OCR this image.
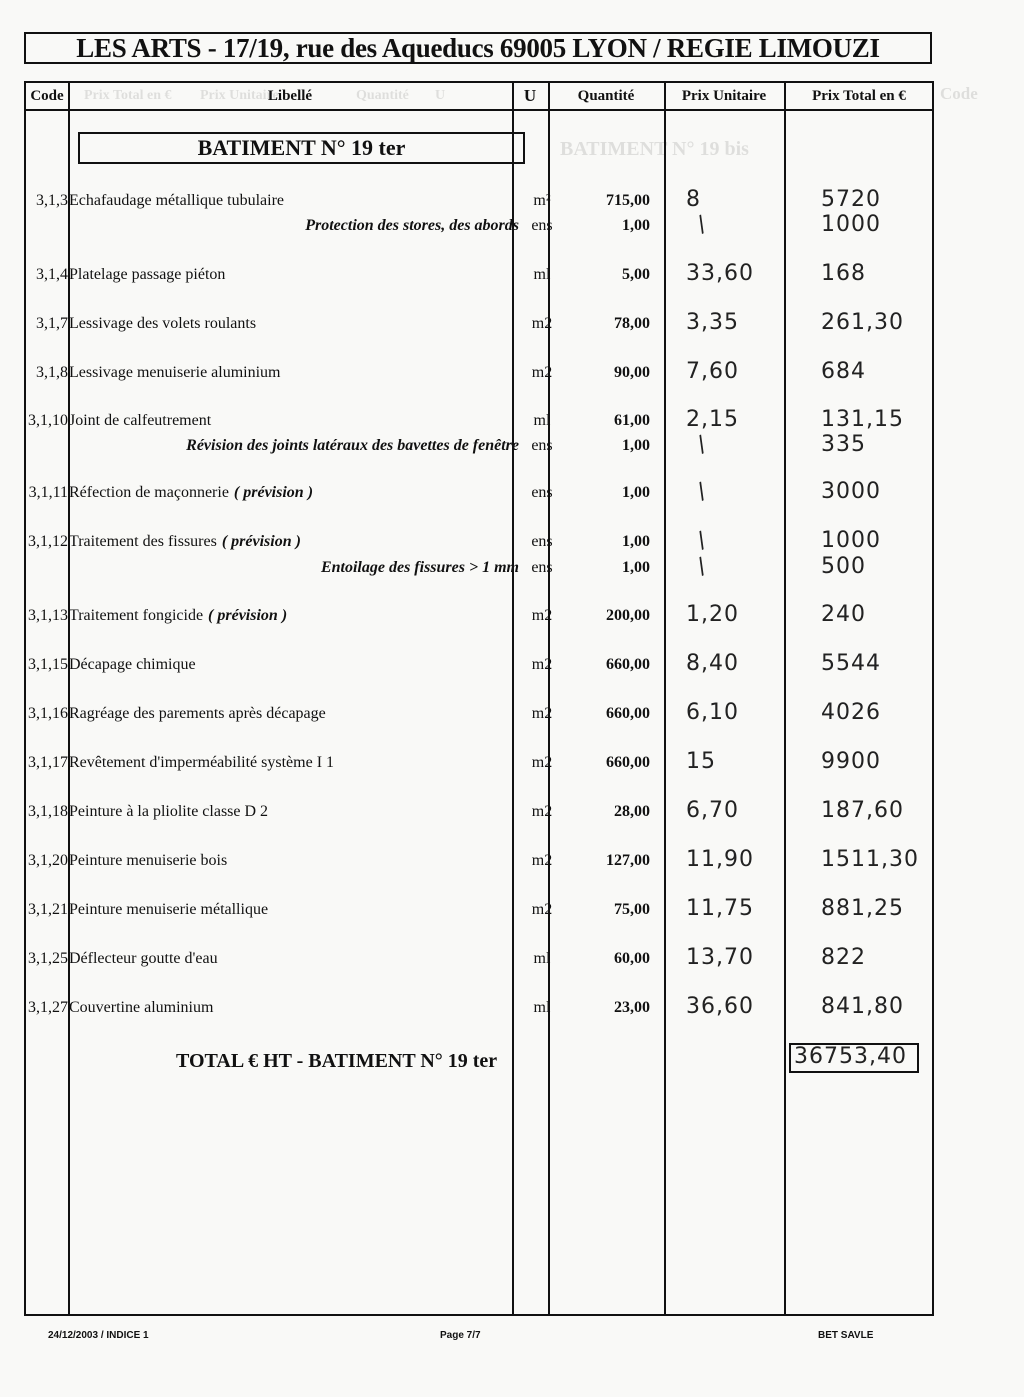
Code
Prix Total en € Prix Unitaire	Quantité U
BATIMENT N° 19 bis
LES ARTS - 17/19, rue des Aqueducs 69005 LYON / REGIE LIMOUZI
Code	Libellé	U	Quantité	Prix Unitaire	Prix Total en €
BATIMENT N° 19 ter
3,1,3 Echafaudage métallique tubulaire	m²	715,00 8	5720
Protection des stores, des abords ens	1,00 /	1000
3,1,4 Platelage passage piéton	ml	5,00 33,60	168
3,1,7 Lessivage des volets roulants	m2	78,00 3,35	261,30
3,1,8 Lessivage menuiserie aluminium	m2	90,00 7,60	684
3,1,10 Joint de calfeutrement	ml	61,00 2,15	131,15
Révision des joints latéraux des bavettes de fenêtre ens	1,00 /	335
3,1,11 Réfection de maçonnerie ( prévision )	ens	1,00 /	3000
3,1,12 Traitement des fissures ( prévision )	ens	1,00 /	1000
Entoilage des fissures > 1 mm ens	1,00 /	500
3,1,13 Traitement fongicide ( prévision )	m2	200,00 1,20	240
3,1,15 Décapage chimique	m2	660,00 8,40	5544
3,1,16 Ragréage des parements après décapage	m2	660,00 6,10	4026
3,1,17 Revêtement d'imperméabilité système I 1	m2	660,00 15	9900
3,1,18 Peinture à la pliolite classe D 2	m2	28,00 6,70	187,60
3,1,20 Peinture menuiserie bois	m2	127,00 11,90	1511,30
3,1,21 Peinture menuiserie métallique	m2	75,00 11,75	881,25
3,1,25 Déflecteur goutte d'eau	ml	60,00 13,70	822
3,1,27 Couvertine aluminium	ml	23,00 36,60	841,80
TOTAL € HT - BATIMENT N° 19 ter	36753,40
24/12/2003 / INDICE 1	Page 7/7	BET SAVLE
